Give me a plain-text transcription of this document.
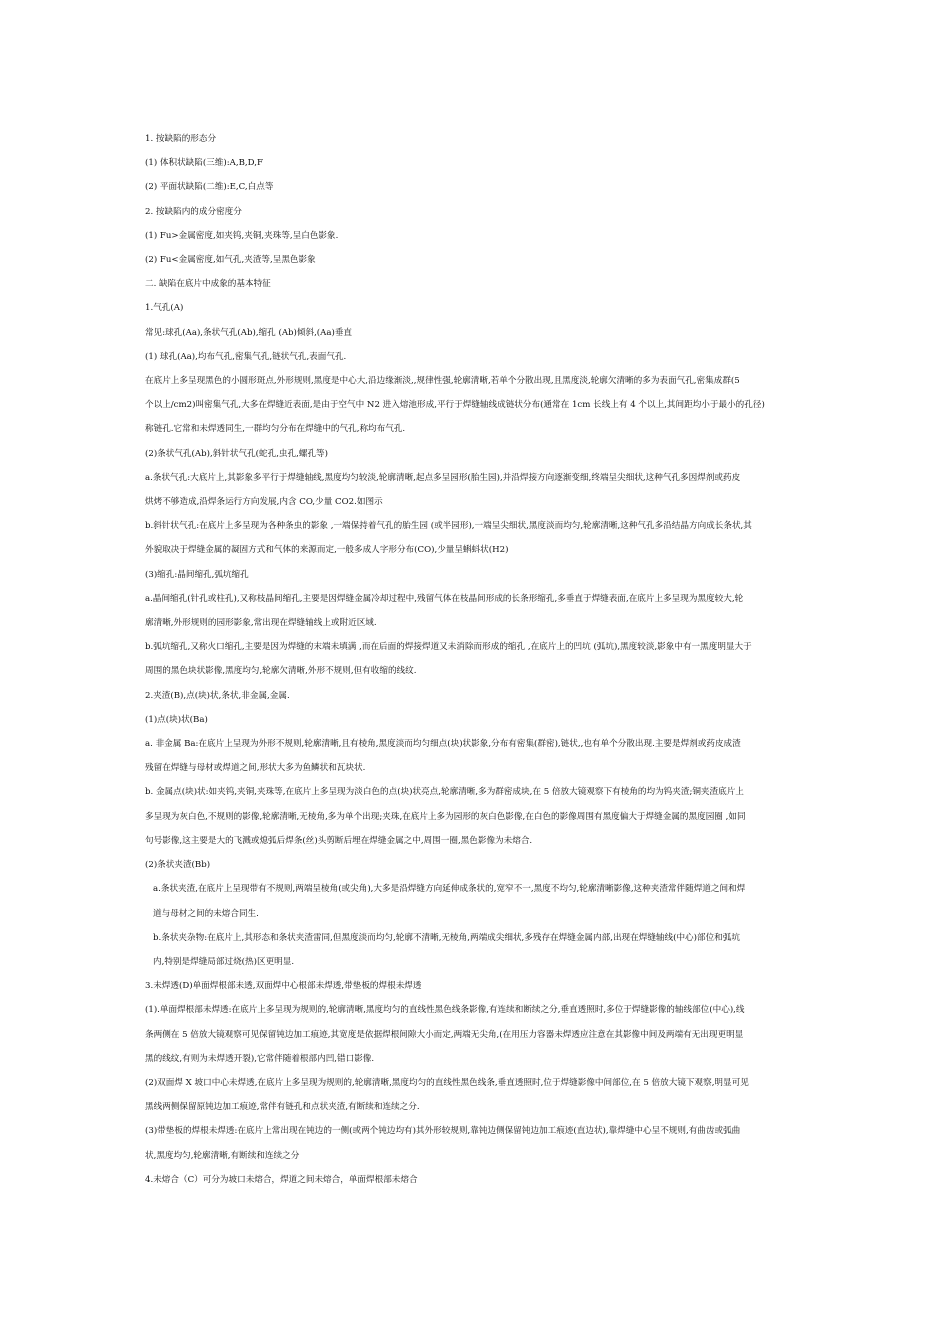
1. 按缺陷的形态分
(1) 体积状缺陷(三维):A,B,D,F
(2) 平面状缺陷(二维):E,C,白点等
2. 按缺陷内的成分密度分
(1) Fu>金属密度,如夹钨,夹铜,夹珠等,呈白色影象.
(2) Fu<金属密度,如气孔,夹渣等,呈黑色影象
二. 缺陷在底片中成象的基本特征
1.气孔(A)
常见:球孔(Aa),条状气孔(Ab),缩孔 (Ab)倾斜,(Aa)垂直
(1) 球孔(Aa),均布气孔,密集气孔,链状气孔,表面气孔.
在底片上多呈现黑色的小圆形斑点,外形规则,黑度是中心大,沿边缘渐淡,,规律性强,轮廓清晰,若单个分散出现,且黑度淡,轮廓欠清晰的多为表面气孔,密集成群(5
个以上/cm2)叫密集气孔,大多在焊缝近表面,是由于空气中 N2 进入熔池形成,平行于焊缝轴线成链状分布(通常在 1cm 长线上有 4 个以上,其间距均小于最小的孔径)
称链孔.它常和未焊透同生,一群均匀分布在焊缝中的气孔,称均布气孔.
(2)条状气孔(Ab),斜针状气孔(蛇孔,虫孔,螺孔等)
a.条状气孔:大底片上,其影象多平行于焊缝轴线,黑度均匀较淡,轮廓清晰,起点多呈园形(胎生园),并沿焊接方向逐渐变细,终端呈尖细状,这种气孔多因焊剂或药皮
烘烤不够造成,沿焊条运行方向发展,内含 CO,少量 CO2.如图示
b.斜针状气孔:在底片上多呈现为各种条虫的影象 ,一端保持着气孔的胎生园 (或半园形),一端呈尖细状,黑度淡而均匀,轮廓清晰,这种气孔多沿结晶方向成长条状,其
外貌取决于焊缝金属的凝固方式和气体的来源而定,一般多成人字形分布(CO),少量呈蝌蚪状(H2)
(3)缩孔:晶间缩孔,弧坑缩孔
a.晶间缩孔(针孔或柱孔),又称枝晶间缩孔,主要是因焊缝金属冷却过程中,残留气体在枝晶间形成的长条形缩孔,多垂直于焊缝表面,在底片上多呈现为黑度较大,轮
廓清晰,外形规则的园形影象,常出现在焊缝轴线上或附近区域.
b.弧坑缩孔,又称火口缩孔,主要是因为焊缝的末端未填满 ,而在后面的焊接焊道又未消除而形成的缩孔 ,在底片上的凹坑 (弧坑),黑度较淡,影象中有一黑度明显大于
周围的黑色块状影像,黑度均匀,轮廓欠清晰,外形不规则,但有收缩的线纹.
2.夹渣(B),点(块)状,条状,非金属,金属.
(1)点(块)状(Ba)
a. 非金属 Ba:在底片上呈现为外形不规则,轮廓清晰,且有棱角,黑度淡而均匀细点(块)状影象,分布有密集(群密),链状,,也有单个分散出现.主要是焊剂或药皮成渣
残留在焊缝与母材或焊道之间,形状大多为鱼鳞状和瓦块状.
b. 金属点(块)状:如夹钨,夹铜,夹珠等,在底片上多呈现为淡白色的点(块)状亮点,轮廓清晰,多为群密成块,在 5 倍放大镜观察下有棱角的均为钨夹渣;铜夹渣底片上
多呈现为灰白色,不规则的影像,轮廓清晰,无棱角,多为单个出现;夹珠,在底片上多为园形的灰白色影像,在白色的影像周围有黑度偏大于焊缝金属的黑度园圈 ,如同
句号影像,这主要是大的飞溅或熄弧后焊条(丝)头剪断后埋在焊缝金属之中,周围一圈,黑色影像为未熔合.
(2)条状夹渣(Bb)
a.条状夹渣,在底片上呈现带有不规则,两端呈棱角(或尖角),大多是沿焊缝方向延伸成条状的,宽窄不一,黑度不均匀,轮廓清晰影像,这种夹渣常伴随焊道之间和焊
道与母材之间的未熔合同生.
b.条状夹杂物:在底片上,其形态和条状夹渣雷同,但黑度淡而均匀,轮廓不清晰,无棱角,两端成尖细状,多残存在焊缝金属内部,出现在焊缝轴线(中心)部位和弧坑
内,特别是焊缝局部过烧(热)区更明显.
3.未焊透(D)单面焊根部未透,双面焊中心根部未焊透,带垫板的焊根未焊透
(1).单面焊根部未焊透:在底片上多呈现为规则的,轮廓清晰,黑度均匀的直线性黑色线条影像,有连续和断续之分,垂直透照时,多位于焊缝影像的轴线部位(中心),线
条两侧在 5 倍放大镜观察可见保留钝边加工痕迹,其宽度是依据焊根间隙大小而定,两端无尖角,(在用压力容器未焊透应注意在其影像中间及两端有无出现更明显
黑的线纹,有则为未焊透开裂),它常伴随着根部内凹,错口影像.
(2)双面焊 X 坡口中心未焊透,在底片上多呈现为规则的,轮廓清晰,黑度均匀的直线性黑色线条,垂直透照时,位于焊缝影像中间部位,在 5 倍放大镜下观察,明显可见
黑线两侧保留原钝边加工痕迹,常伴有链孔和点状夹渣,有断续和连续之分.
(3)带垫板的焊根未焊透:在底片上常出现在钝边的一侧(或两个钝边均有)其外形较规则,靠钝边侧保留钝边加工痕迹(直边状),靠焊缝中心呈不规则,有曲齿或弧曲
状,黑度均匀,轮廓清晰,有断续和连续之分
4.未熔合（C）可分为坡口未熔合，焊道之间未熔合，单面焊根部未熔合
